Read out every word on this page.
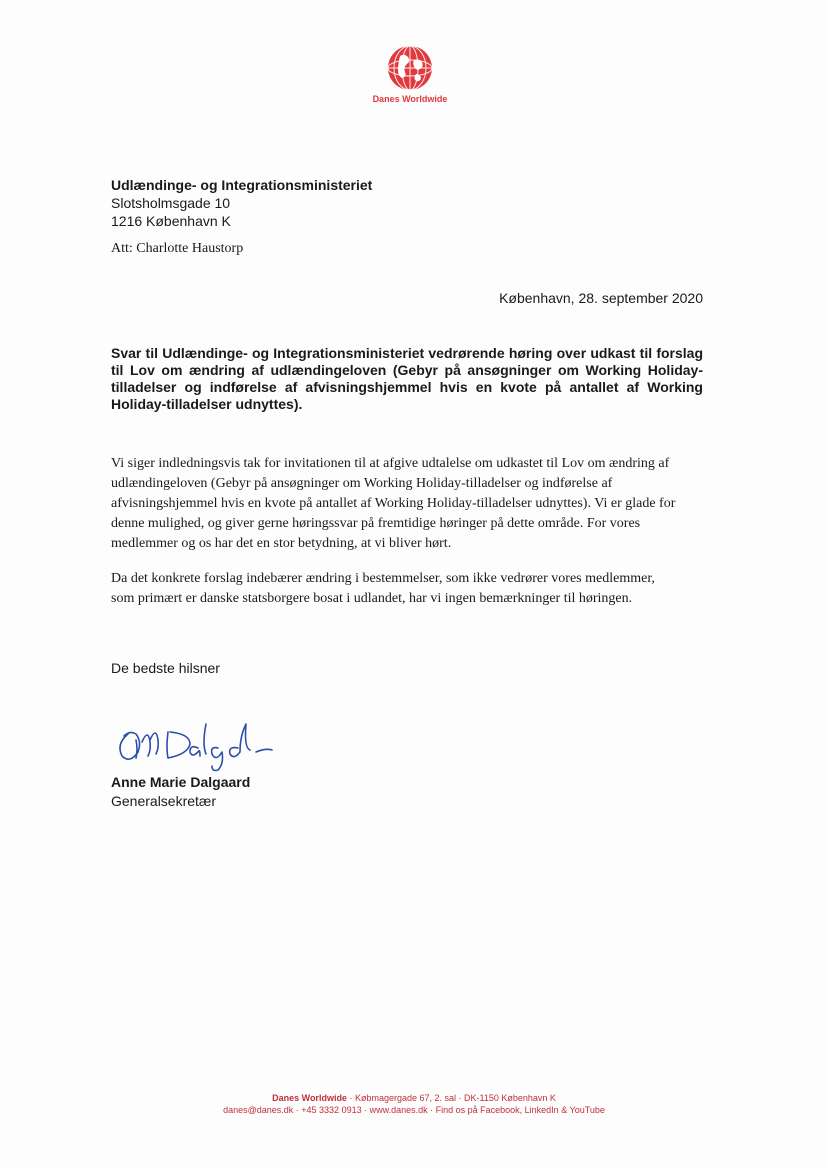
Danes Worldwide
Udlændinge- og Integrationsministeriet
Slotsholmsgade 10
1216 København K
Att: Charlotte Haustorp
København, 28. september 2020
Svar til Udlændinge- og Integrationsministeriet vedrørende høring over udkast til forslag til Lov om ændring af udlændingeloven (Gebyr på ansøgninger om Working Holiday-tilladelser og indførelse af afvisningshjemmel hvis en kvote på antallet af Working Holiday-tilladelser udnyttes).
Vi siger indledningsvis tak for invitationen til at afgive udtalelse om udkastet til Lov om ændring af
udlændingeloven (Gebyr på ansøgninger om Working Holiday-tilladelser og indførelse af
afvisningshjemmel hvis en kvote på antallet af Working Holiday-tilladelser udnyttes). Vi er glade for
denne mulighed, og giver gerne høringssvar på fremtidige høringer på dette område. For vores
medlemmer og os har det en stor betydning, at vi bliver hørt.
Da det konkrete forslag indebærer ændring i bestemmelser, som ikke vedrører vores medlemmer,
som primært er danske statsborgere bosat i udlandet, har vi ingen bemærkninger til høringen.
De bedste hilsner
Anne Marie Dalgaard
Generalsekretær
Danes Worldwide · Købmagergade 67, 2. sal · DK-1150 København K
danes@danes.dk · +45 3332 0913 · www.danes.dk · Find os på Facebook, LinkedIn & YouTube
